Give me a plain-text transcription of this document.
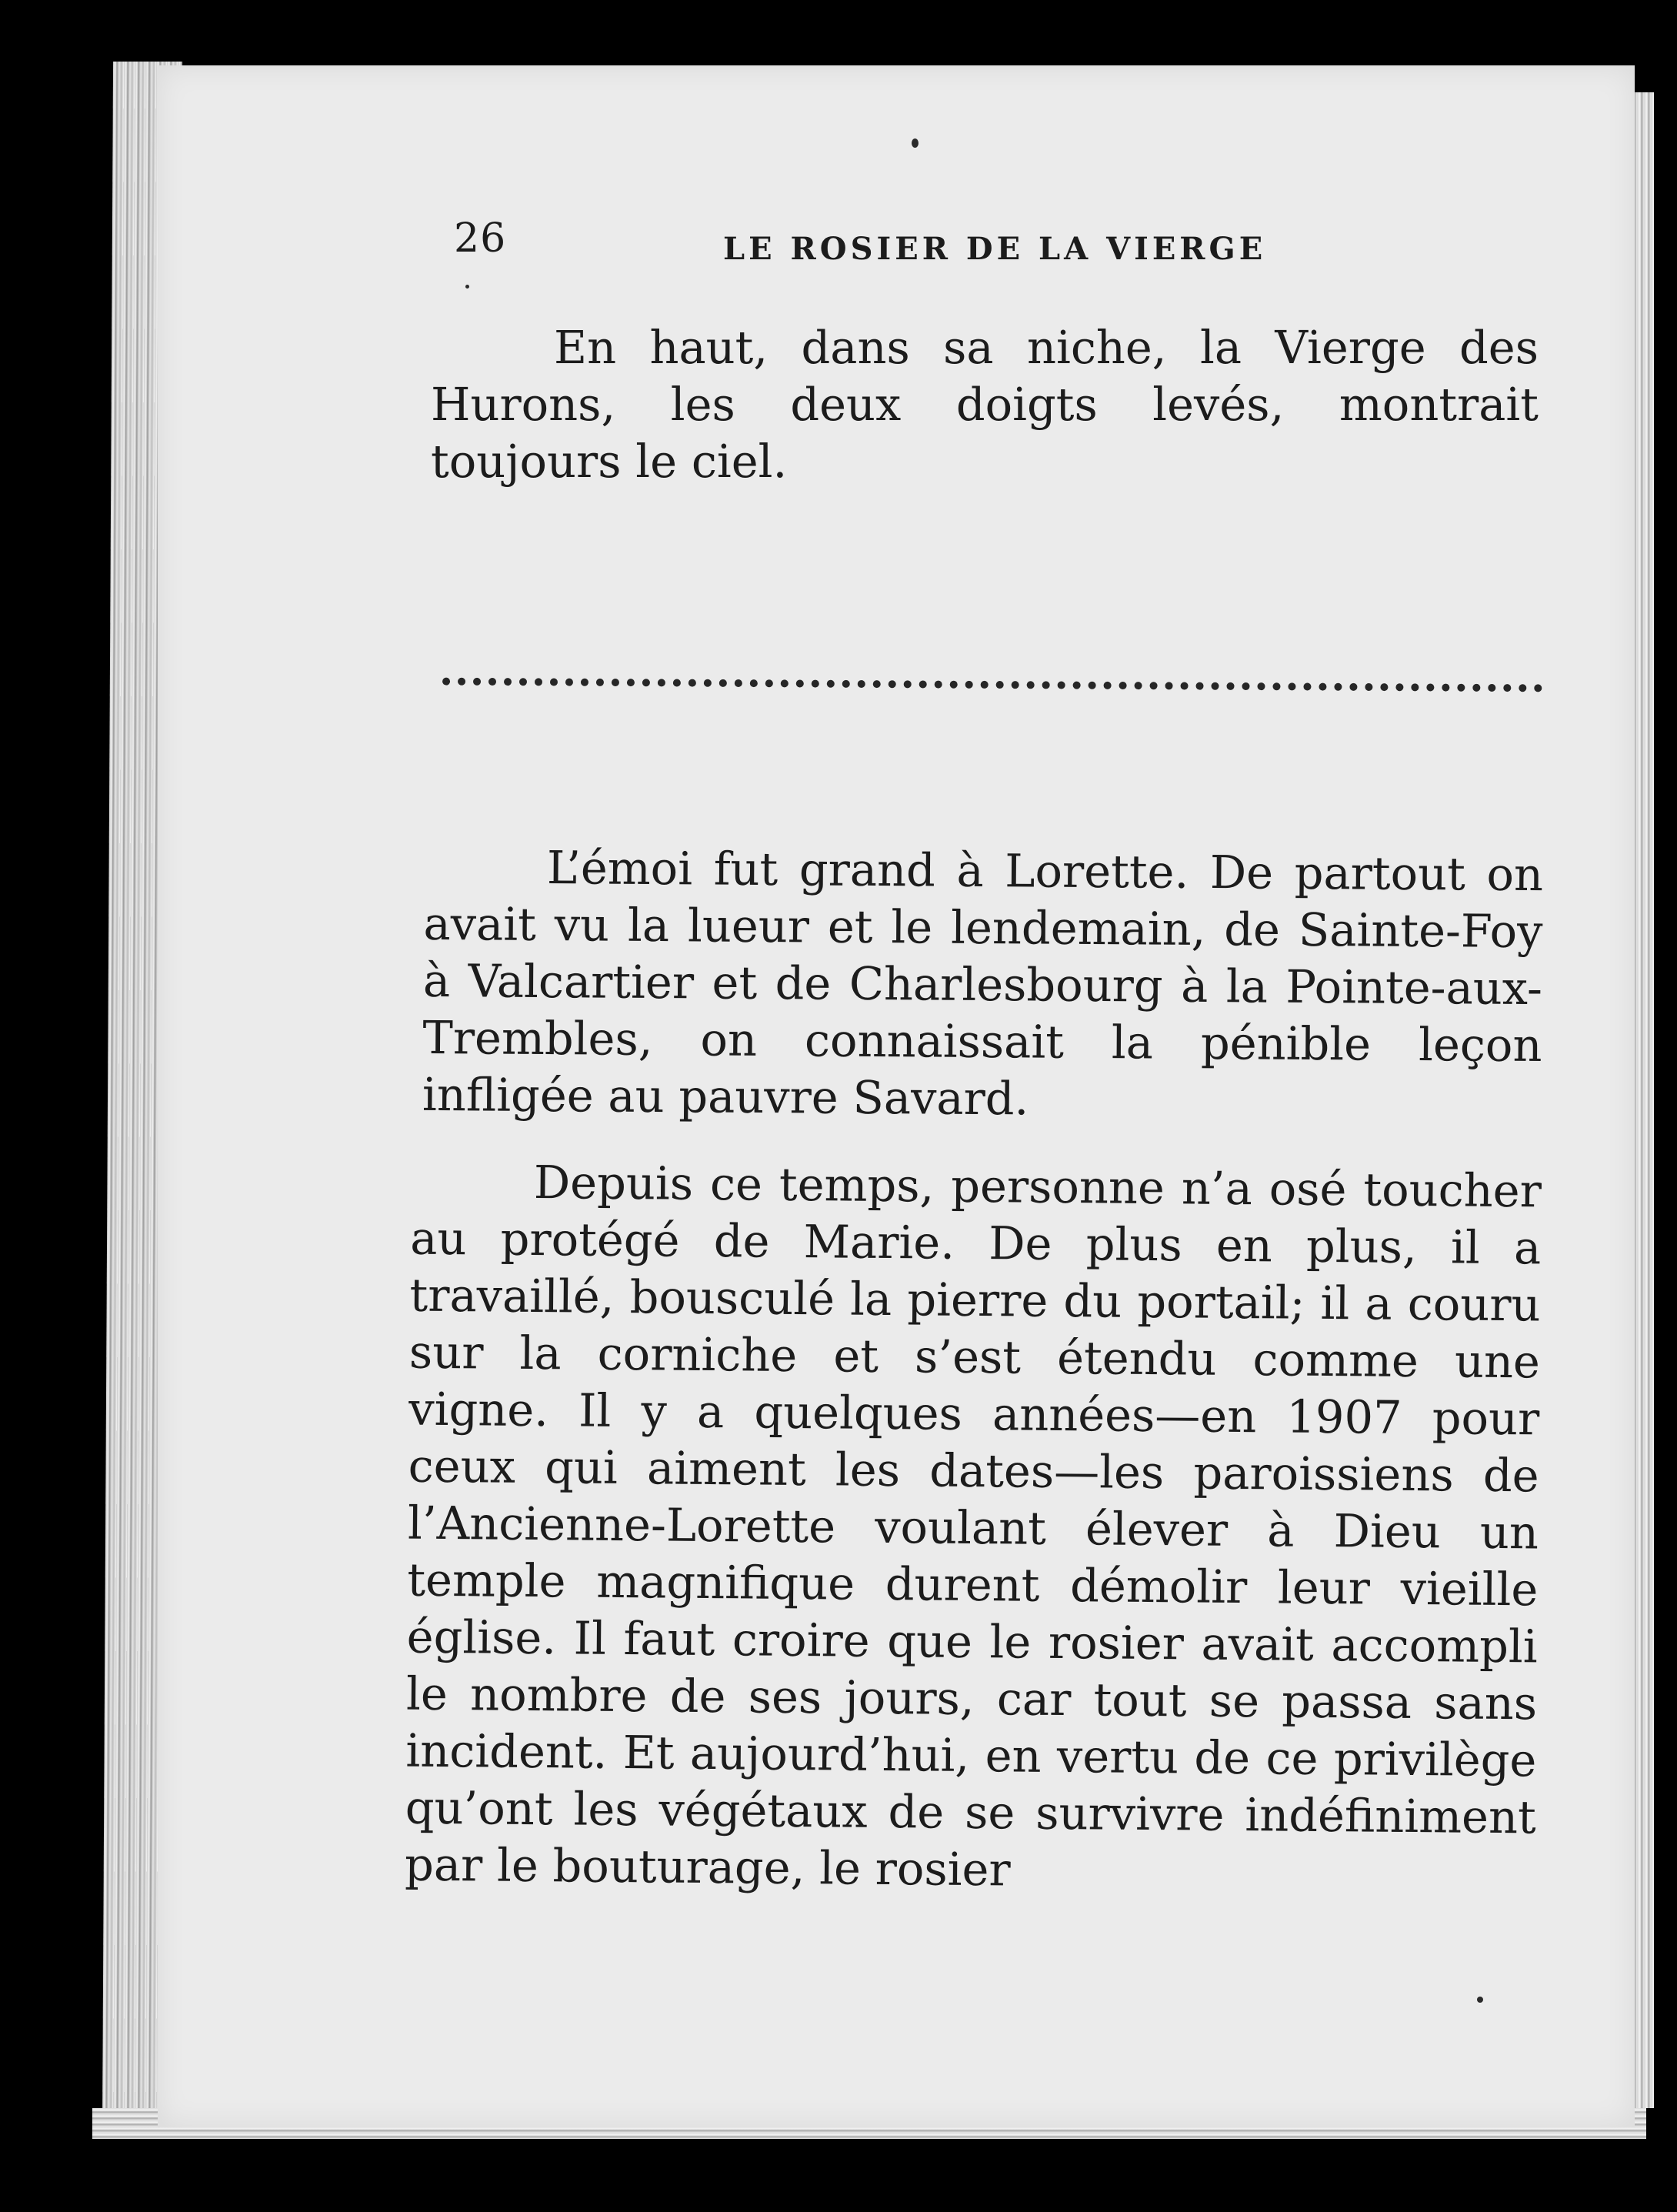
26	LE ROSIER DE LA VIERGE

En haut, dans sa niche, la Vierge des Hurons, les deux doigts levés, montrait toujours le ciel.

L’émoi fut grand à Lorette. De partout on avait vu la lueur et le lendemain, de Sainte-Foy à Valcartier et de Charlesbourg à la Pointe-aux-Trembles, on connaissait la pénible leçon infligée au pauvre Savard.

Depuis ce temps, personne n’a osé toucher au protégé de Marie. De plus en plus, il a travaillé, bousculé la pierre du portail; il a couru sur la corniche et s’est étendu comme une vigne. Il y a quelques années—en 1907 pour ceux qui aiment les dates—les paroissiens de l’Ancienne-Lorette voulant élever à Dieu un temple magnifique durent démolir leur vieille église. Il faut croire que le rosier avait accompli le nombre de ses jours, car tout se passa sans incident. Et aujourd’hui, en vertu de ce privilège qu’ont les végétaux de se survivre indéfiniment par le bouturage, le rosier
